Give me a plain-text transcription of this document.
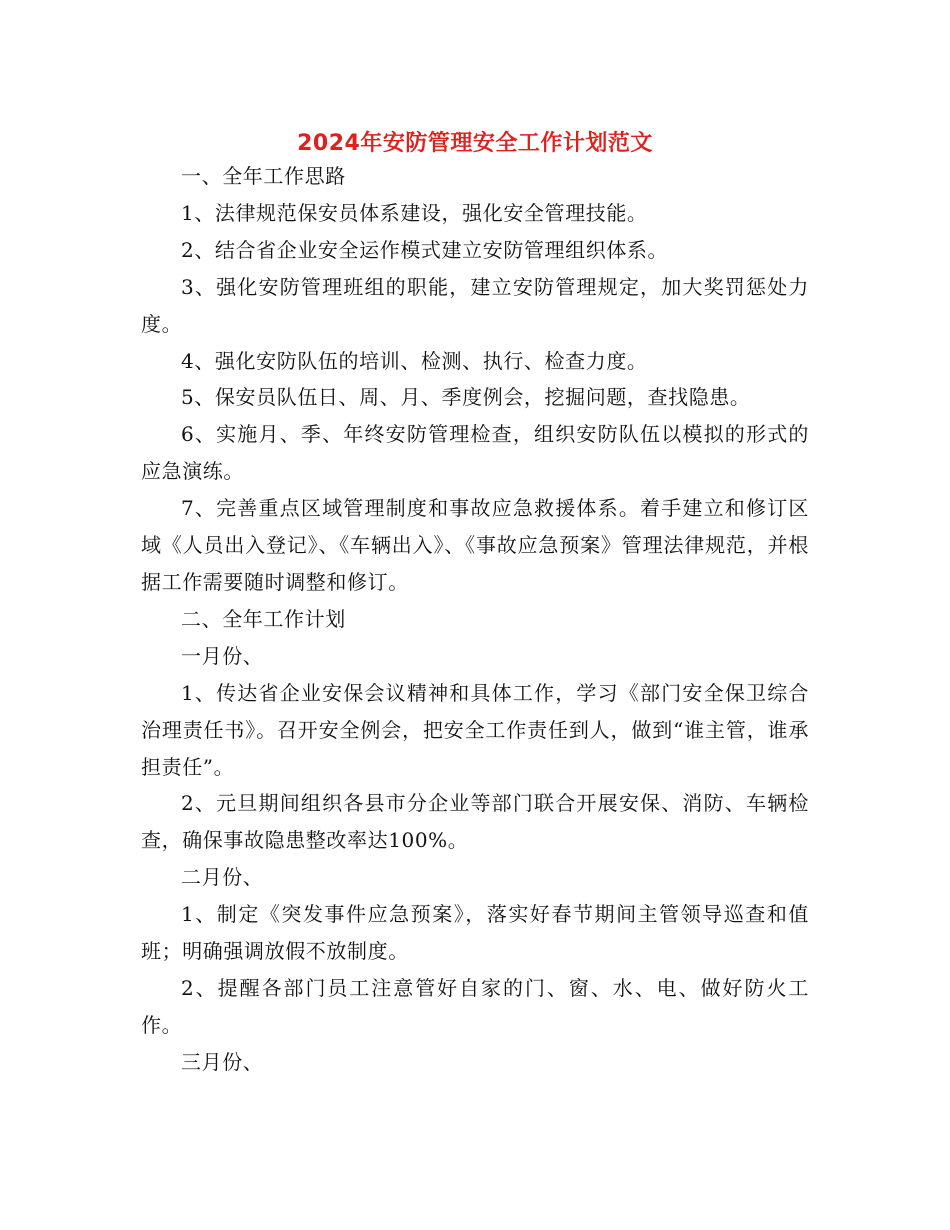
2024年安防管理安全工作计划范文

一、全年工作思路

1、法律规范保安员体系建设，强化安全管理技能。

2、结合省企业安全运作模式建立安防管理组织体系。

3、强化安防管理班组的职能，建立安防管理规定，加大奖罚惩处力度。

4、强化安防队伍的培训、检测、执行、检查力度。

5、保安员队伍日、周、月、季度例会，挖掘问题，查找隐患。

6、实施月、季、年终安防管理检查，组织安防队伍以模拟的形式的应急演练。

7、完善重点区域管理制度和事故应急救援体系。着手建立和修订区域《人员出入登记》、《车辆出入》、《事故应急预案》管理法律规范，并根据工作需要随时调整和修订。

二、全年工作计划

一月份、

1、传达省企业安保会议精神和具体工作，学习《部门安全保卫综合治理责任书》。召开安全例会，把安全工作责任到人，做到“谁主管，谁承担责任”。

2、元旦期间组织各县市分企业等部门联合开展安保、消防、车辆检查，确保事故隐患整改率达100%。

二月份、

1、制定《突发事件应急预案》，落实好春节期间主管领导巡查和值班；明确强调放假不放制度。

2、提醒各部门员工注意管好自家的门、窗、水、电、做好防火工作。

三月份、
